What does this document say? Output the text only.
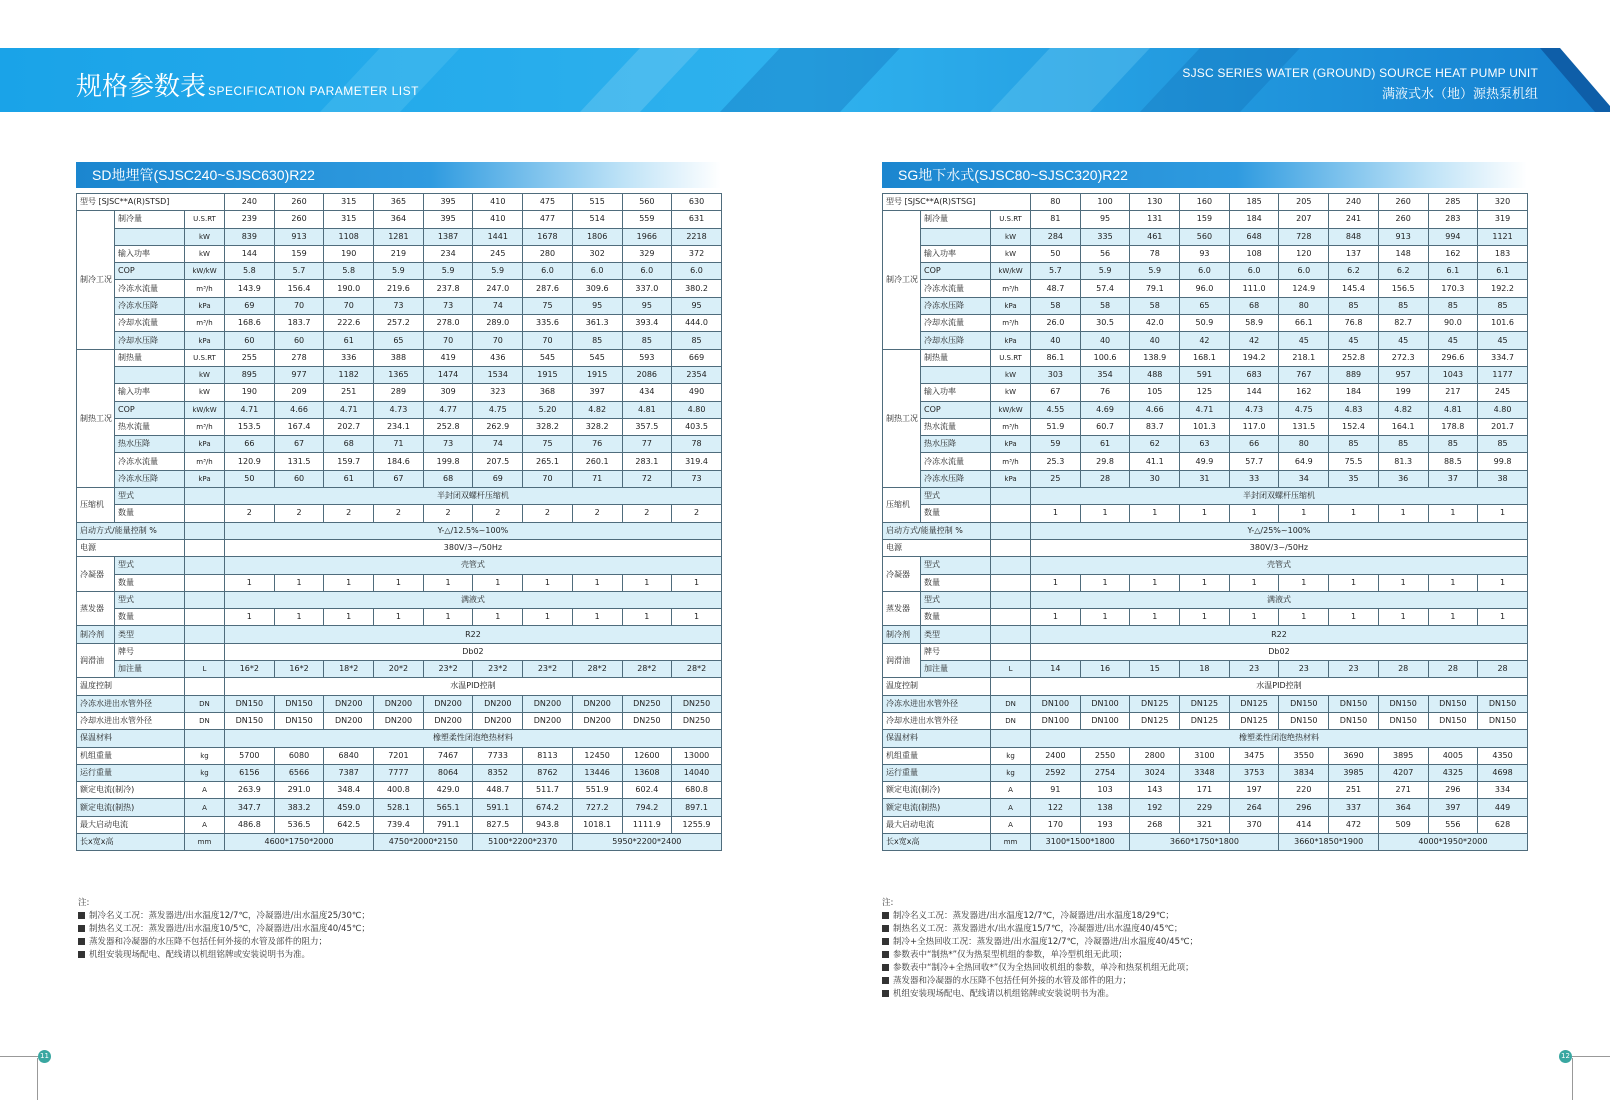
规格参数表 SPECIFICATION PARAMETER LIST
SJSC SERIES WATER (GROUND) SOURCE HEAT PUMP UNIT
满液式水（地）源热泵机组
SD地埋管(SJSC240~SJSC630)R22
型号 [SJSC**A(R)STSD]			240	260	315	365	395	410	475	515	560	630
制冷工况	制冷量	U.S.RT	239	260	315	364	395	410	477	514	559	631
		kW	839	913	1108	1281	1387	1441	1678	1806	1966	2218
	输入功率	kW	144	159	190	219	234	245	280	302	329	372
	COP	kW/kW	5.8	5.7	5.8	5.9	5.9	5.9	6.0	6.0	6.0	6.0
	冷冻水流量	m³/h	143.9	156.4	190.0	219.6	237.8	247.0	287.6	309.6	337.0	380.2
	冷冻水压降	kPa	69	70	70	73	73	74	75	95	95	95
	冷却水流量	m³/h	168.6	183.7	222.6	257.2	278.0	289.0	335.6	361.3	393.4	444.0
	冷却水压降	kPa	60	60	61	65	70	70	70	85	85	85
制热工况	制热量	U.S.RT	255	278	336	388	419	436	545	545	593	669
		kW	895	977	1182	1365	1474	1534	1915	1915	2086	2354
	输入功率	kW	190	209	251	289	309	323	368	397	434	490
	COP	kW/kW	4.71	4.66	4.71	4.73	4.77	4.75	5.20	4.82	4.81	4.80
	热水流量	m³/h	153.5	167.4	202.7	234.1	252.8	262.9	328.2	328.2	357.5	403.5
	热水压降	kPa	66	67	68	71	73	74	75	76	77	78
	冷冻水流量	m³/h	120.9	131.5	159.7	184.6	199.8	207.5	265.1	260.1	283.1	319.4
	冷冻水压降	kPa	50	60	61	67	68	69	70	71	72	73
压缩机	型式		半封闭双螺杆压缩机									
	数量		2	2	2	2	2	2	2	2	2	2
启动方式/能量控制 %			Y-△/12.5%~100%									
电源			380V/3~/50Hz									
冷凝器	型式		壳管式									
	数量		1	1	1	1	1	1	1	1	1	1
蒸发器	型式		满液式									
	数量		1	1	1	1	1	1	1	1	1	1
制冷剂	类型		R22									
润滑油	牌号		Db02									
	加注量	L	16*2	16*2	18*2	20*2	23*2	23*2	23*2	28*2	28*2	28*2
温度控制			水温PID控制									
冷冻水进出水管外径		DN	DN150	DN150	DN200	DN200	DN200	DN200	DN200	DN200	DN250	DN250
冷却水进出水管外径		DN	DN150	DN150	DN200	DN200	DN200	DN200	DN200	DN200	DN250	DN250
保温材料			橡塑柔性闭泡绝热材料									
机组重量		kg	5700	6080	6840	7201	7467	7733	8113	12450	12600	13000
运行重量		kg	6156	6566	7387	7777	8064	8352	8762	13446	13608	14040
额定电流(制冷)		A	263.9	291.0	348.4	400.8	429.0	448.7	511.7	551.9	602.4	680.8
额定电流(制热)		A	347.7	383.2	459.0	528.1	565.1	591.1	674.2	727.2	794.2	897.1
最大启动电流		A	486.8	536.5	642.5	739.4	791.1	827.5	943.8	1018.1	1111.9	1255.9
长x宽x高		mm	4600*1750*2000			4750*2000*2150		5100*2200*2370		5950*2200*2400		
SG地下水式(SJSC80~SJSC320)R22
型号 [SJSC**A(R)STSG]			80	100	130	160	185	205	240	260	285	320
制冷工况	制冷量	U.S.RT	81	95	131	159	184	207	241	260	283	319
		kW	284	335	461	560	648	728	848	913	994	1121
	输入功率	kW	50	56	78	93	108	120	137	148	162	183
	COP	kW/kW	5.7	5.9	5.9	6.0	6.0	6.0	6.2	6.2	6.1	6.1
	冷冻水流量	m³/h	48.7	57.4	79.1	96.0	111.0	124.9	145.4	156.5	170.3	192.2
	冷冻水压降	kPa	58	58	58	65	68	80	85	85	85	85
	冷却水流量	m³/h	26.0	30.5	42.0	50.9	58.9	66.1	76.8	82.7	90.0	101.6
	冷却水压降	kPa	40	40	40	42	42	45	45	45	45	45
制热工况	制热量	U.S.RT	86.1	100.6	138.9	168.1	194.2	218.1	252.8	272.3	296.6	334.7
		kW	303	354	488	591	683	767	889	957	1043	1177
	输入功率	kW	67	76	105	125	144	162	184	199	217	245
	COP	kW/kW	4.55	4.69	4.66	4.71	4.73	4.75	4.83	4.82	4.81	4.80
	热水流量	m³/h	51.9	60.7	83.7	101.3	117.0	131.5	152.4	164.1	178.8	201.7
	热水压降	kPa	59	61	62	63	66	80	85	85	85	85
	冷冻水流量	m³/h	25.3	29.8	41.1	49.9	57.7	64.9	75.5	81.3	88.5	99.8
	冷冻水压降	kPa	25	28	30	31	33	34	35	36	37	38
压缩机	型式		半封闭双螺杆压缩机									
	数量		1	1	1	1	1	1	1	1	1	1
启动方式/能量控制 %			Y-△/25%~100%									
电源			380V/3~/50Hz									
冷凝器	型式		壳管式									
	数量		1	1	1	1	1	1	1	1	1	1
蒸发器	型式		满液式									
	数量		1	1	1	1	1	1	1	1	1	1
制冷剂	类型		R22									
润滑油	牌号		Db02									
	加注量	L	14	16	15	18	23	23	23	28	28	28
温度控制			水温PID控制									
冷冻水进出水管外径		DN	DN100	DN100	DN125	DN125	DN125	DN150	DN150	DN150	DN150	DN150
冷却水进出水管外径		DN	DN100	DN100	DN125	DN125	DN125	DN150	DN150	DN150	DN150	DN150
保温材料			橡塑柔性闭泡绝热材料									
机组重量		kg	2400	2550	2800	3100	3475	3550	3690	3895	4005	4350
运行重量		kg	2592	2754	3024	3348	3753	3834	3985	4207	4325	4698
额定电流(制冷)		A	91	103	143	171	197	220	251	271	296	334
额定电流(制热)		A	122	138	192	229	264	296	337	364	397	449
最大启动电流		A	170	193	268	321	370	414	472	509	556	628
长x宽x高		mm	3100*1500*1800		3660*1750*1800			3660*1850*1900		4000*1950*2000		
注:
制冷名义工况：蒸发器进/出水温度12/7℃，冷凝器进/出水温度25/30℃；
制热名义工况：蒸发器进/出水温度10/5℃，冷凝器进/出水温度40/45℃；
蒸发器和冷凝器的水压降不包括任何外接的水管及部件的阻力；
机组安装现场配电、配线请以机组铭牌或安装说明书为准。
注:
制冷名义工况：蒸发器进/出水温度12/7℃，冷凝器进/出水温度18/29℃；
制热名义工况：蒸发器进水/出水温度15/7℃，冷凝器进/出水温度40/45℃；
制冷+全热回收工况：蒸发器进/出水温度12/7℃，冷凝器进/出水温度40/45℃；
参数表中“制热*”仅为热泵型机组的参数，单冷型机组无此项；
参数表中“制冷+全热回收*”仅为全热回收机组的参数，单冷和热泵机组无此项；
蒸发器和冷凝器的水压降不包括任何外接的水管及部件的阻力；
机组安装现场配电、配线请以机组铭牌或安装说明书为准。
11	12
